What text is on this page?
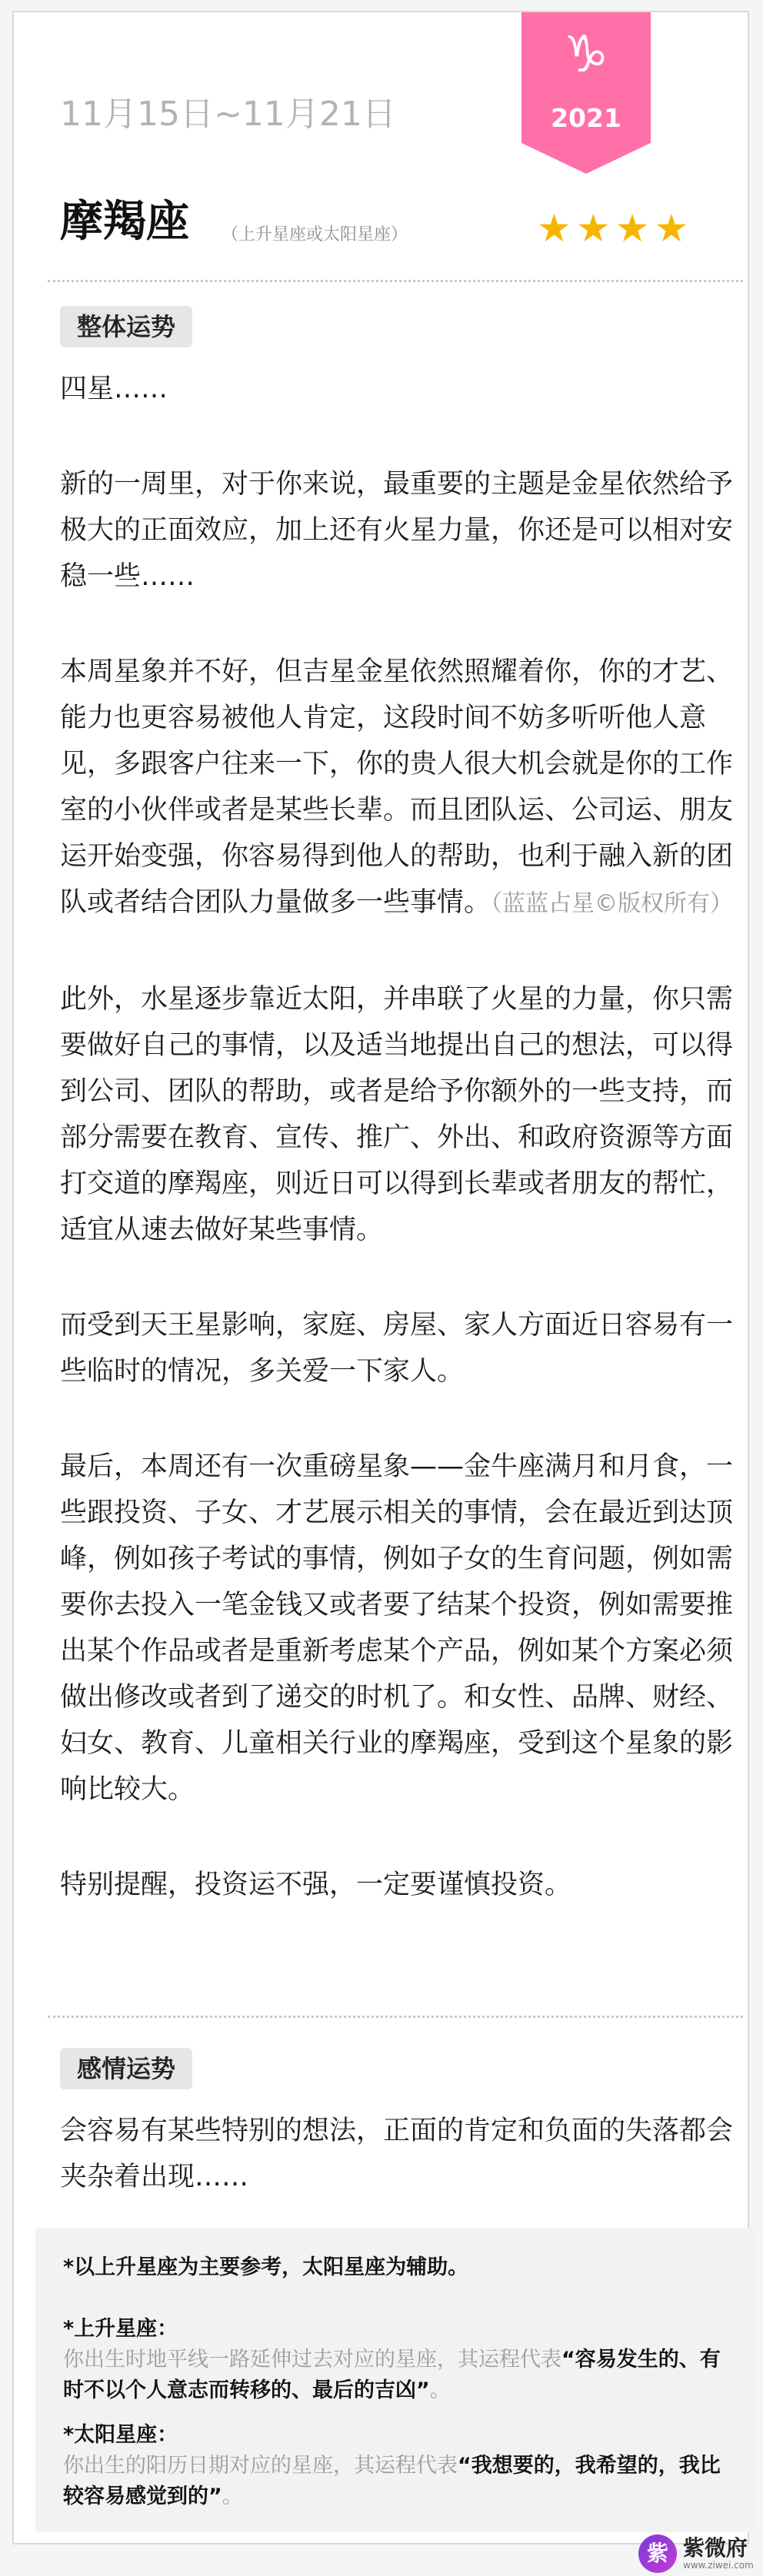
11月15日~11月21日
♑
2021
摩羯座 （上升星座或太阳星座）	★★★★
整体运势

四星……

新的一周里，对于你来说，最重要的主题是金星依然给予极大的正面效应，加上还有火星力量，你还是可以相对安稳一些……

本周星象并不好，但吉星金星依然照耀着你，你的才艺、能力也更容易被他人肯定，这段时间不妨多听听他人意见，多跟客户往来一下，你的贵人很大机会就是你的工作室的小伙伴或者是某些长辈。而且团队运、公司运、朋友运开始变强，你容易得到他人的帮助，也利于融入新的团队或者结合团队力量做多一些事情。（蓝蓝占星©版权所有）

此外，水星逐步靠近太阳，并串联了火星的力量，你只需要做好自己的事情，以及适当地提出自己的想法，可以得到公司、团队的帮助，或者是给予你额外的一些支持，而部分需要在教育、宣传、推广、外出、和政府资源等方面打交道的摩羯座，则近日可以得到长辈或者朋友的帮忙，适宜从速去做好某些事情。

而受到天王星影响，家庭、房屋、家人方面近日容易有一些临时的情况，多关爱一下家人。

最后，本周还有一次重磅星象——金牛座满月和月食，一些跟投资、子女、才艺展示相关的事情，会在最近到达顶峰，例如孩子考试的事情，例如子女的生育问题，例如需要你去投入一笔金钱又或者要了结某个投资，例如需要推出某个作品或者是重新考虑某个产品，例如某个方案必须做出修改或者到了递交的时机了。和女性、品牌、财经、妇女、教育、儿童相关行业的摩羯座，受到这个星象的影响比较大。

特别提醒，投资运不强，一定要谨慎投资。

感情运势

会容易有某些特别的想法，正面的肯定和负面的失落都会夹杂着出现……

*以上升星座为主要参考，太阳星座为辅助。
*上升星座：
你出生时地平线一路延伸过去对应的星座，其运程代表“容易发生的、有时不以个人意志而转移的、最后的吉凶”。
*太阳星座：
你出生的阳历日期对应的星座，其运程代表“我想要的，我希望的，我比较容易感觉到的”。
紫 紫微府
www.ziwei.com
